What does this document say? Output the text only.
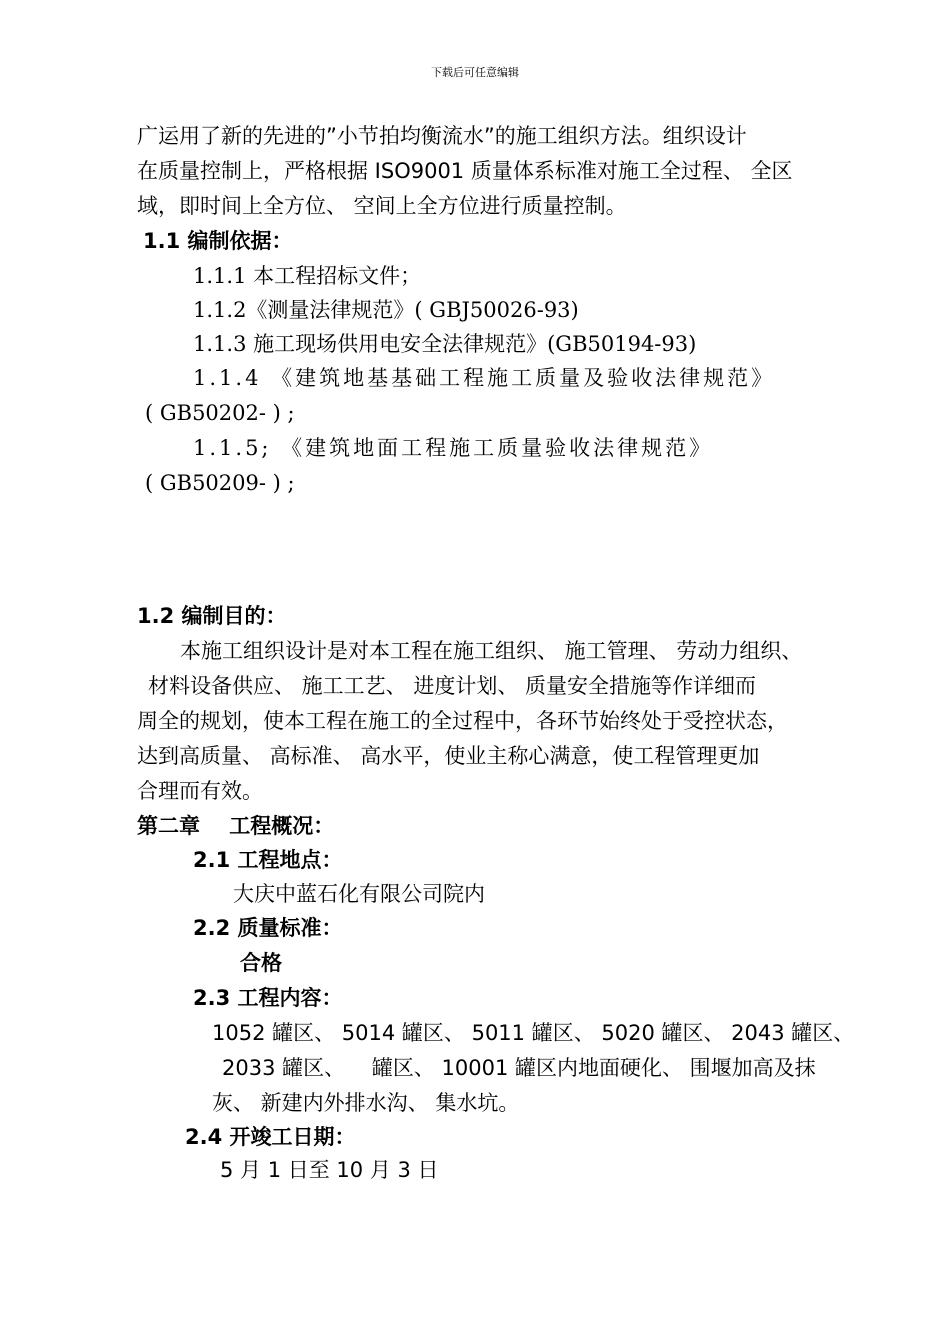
下载后可任意编辑
广运用了新的先进的”小节拍均衡流水”的施工组织方法。组织设计
在质量控制上，严格根据 ISO9001 质量体系标准对施工全过程、 全区
域，即时间上全方位、 空间上全方位进行质量控制。
1.1 编制依据：
1.1.1 本工程招标文件；
1.1.2《测量法律规范》( GBJ50026-93)
1.1.3 施工现场供用电安全法律规范》(GB50194-93)
1.1.4 《建筑地基基础工程施工质量及验收法律规范》
( GB50202- ) ;
1.1.5; 《建筑地面工程施工质量验收法律规范》
( GB50209- ) ;
1.2 编制目的：
本施工组织设计是对本工程在施工组织、 施工管理、 劳动力组织、
材料设备供应、 施工工艺、 进度计划、 质量安全措施等作详细而
周全的规划，使本工程在施工的全过程中，各环节始终处于受控状态，
达到高质量、 高标准、 高水平，使业主称心满意，使工程管理更加
合理而有效。
第二章    工程概况：
2.1 工程地点：
大庆中蓝石化有限公司院内
2.2 质量标准：
合格
2.3 工程内容：
1052 罐区、 5014 罐区、 5011 罐区、 5020 罐区、 2043 罐区、
2033 罐区、    罐区、 10001 罐区内地面硬化、 围堰加高及抹
灰、 新建内外排水沟、 集水坑。
2.4 开竣工日期：
5 月 1 日至 10 月 3 日
